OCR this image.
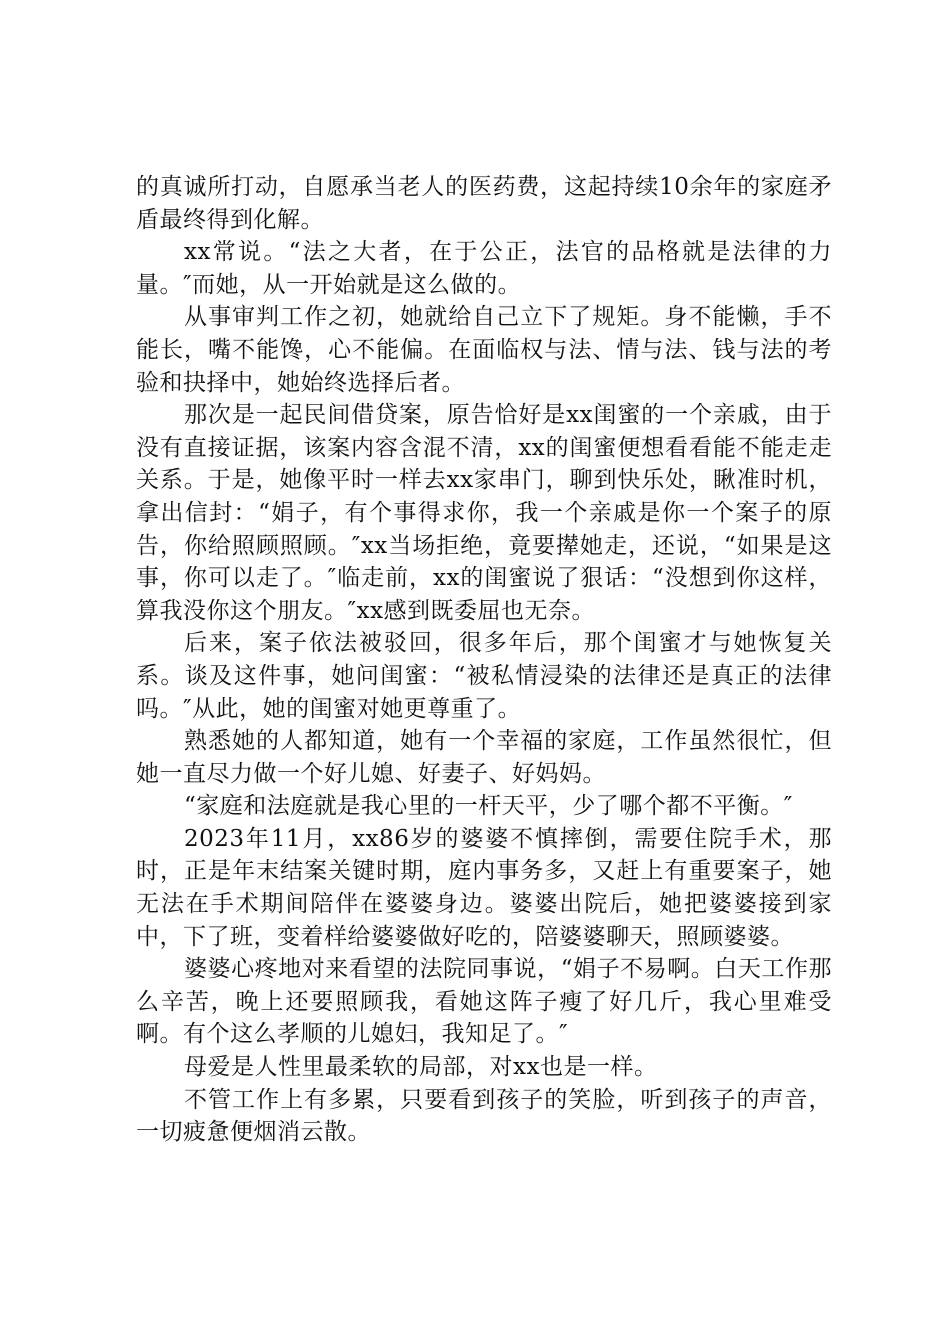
的真诚所打动，自愿承当老人的医药费，这起持续10余年的家庭矛盾最终得到化解。

xx常说。“法之大者，在于公正，法官的品格就是法律的力量。″而她，从一开始就是这么做的。

从事审判工作之初，她就给自己立下了规矩。身不能懒，手不能长，嘴不能馋，心不能偏。在面临权与法、情与法、钱与法的考验和抉择中，她始终选择后者。

那次是一起民间借贷案，原告恰好是xx闺蜜的一个亲戚，由于没有直接证据，该案内容含混不清，xx的闺蜜便想看看能不能走走关系。于是，她像平时一样去xx家串门，聊到快乐处，瞅准时机，拿出信封：“娟子，有个事得求你，我一个亲戚是你一个案子的原告，你给照顾照顾。″xx当场拒绝，竟要撵她走，还说，“如果是这事，你可以走了。″临走前，xx的闺蜜说了狠话：“没想到你这样，算我没你这个朋友。″xx感到既委屈也无奈。

后来，案子依法被驳回，很多年后，那个闺蜜才与她恢复关系。谈及这件事，她问闺蜜：“被私情浸染的法律还是真正的法律吗。″从此，她的闺蜜对她更尊重了。

熟悉她的人都知道，她有一个幸福的家庭，工作虽然很忙，但她一直尽力做一个好儿媳、好妻子、好妈妈。

“家庭和法庭就是我心里的一杆天平，少了哪个都不平衡。″

2023年11月，xx86岁的婆婆不慎摔倒，需要住院手术，那时，正是年末结案关键时期，庭内事务多，又赶上有重要案子，她无法在手术期间陪伴在婆婆身边。婆婆出院后，她把婆婆接到家中，下了班，变着样给婆婆做好吃的，陪婆婆聊天，照顾婆婆。

婆婆心疼地对来看望的法院同事说，“娟子不易啊。白天工作那么辛苦，晚上还要照顾我，看她这阵子瘦了好几斤，我心里难受啊。有个这么孝顺的儿媳妇，我知足了。″

母爱是人性里最柔软的局部，对xx也是一样。

不管工作上有多累，只要看到孩子的笑脸，听到孩子的声音，一切疲惫便烟消云散。
